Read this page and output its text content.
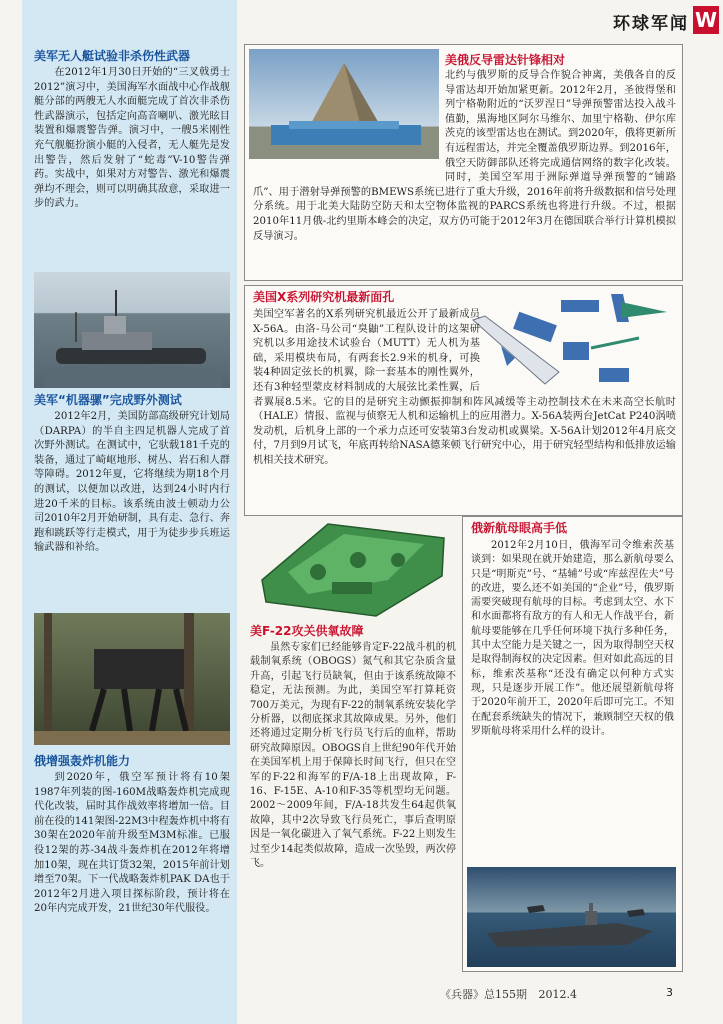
环球军闻 W
美军无人艇试验非杀伤性武器

在2012年1月30日开始的“三叉戟勇士2012”演习中，美国海军水面战中心作战舰艇分部的两艘无人水面艇完成了首次非杀伤性武器演示，包括定向高音喇叭、激光眩目装置和爆震警告弹。演习中，一艘5米刚性充气舰艇扮演小艇的入侵者，无人艇先是发出警告，然后发射了“蛇毒”V-10警告弹药。实战中，如果对方对警告、激光和爆震弹均不理会，则可以明确其敌意，采取进一步的武力。

美军“机器骡”完成野外测试

2012年2月，美国防部高级研究计划局（DARPA）的半自主四足机器人完成了首次野外测试。在测试中，它驮载181千克的装备，通过了崎岖地形、树丛、岩石和人群等障碍。2012年夏，它将继续为期18个月的测试，以便加以改进，达到24小时内行进20千米的目标。该系统由波士顿动力公司2010年2月开始研制，具有走、急行、奔跑和跳跃等行走模式，用于为徒步步兵班运输武器和补给。

俄增强轰炸机能力

到2020年，俄空军预计将有10架1987年列装的图-160M战略轰炸机完成现代化改装，届时其作战效率将增加一倍。目前在役的141架图-22M3中程轰炸机中将有30架在2020年前升级至M3M标准。已服役12架的苏-34战斗轰炸机在2012年将增加10架，现在共订货32架，2015年前计划增至70架。下一代战略轰炸机PAK DA也于2012年2月进入项目探标阶段，预计将在20年内完成开发，21世纪30年代服役。

美俄反导雷达针锋相对

北约与俄罗斯的反导合作貌合神离，美俄各自的反导雷达却开始加紧更新。2012年2月，圣彼得堡和列宁格勒附近的“沃罗涅日”导弹预警雷达投入战斗值勤，黑海地区阿尔马维尔、加里宁格勒、伊尔库茨克的该型雷达也在测试。到2020年，俄将更新所有远程雷达，并完全覆盖俄罗斯边界。到2016年，俄空天防御部队还将完成通信网络的数字化改装。同时，美国空军用于洲际弹道导弹预警的“铺路爪”、用于潜射导弹预警的BMEWS系统已进行了重大升级，2016年前将升级数据和信号处理分系统。用于北美大陆防空防天和太空物体监视的PARCS系统也将进行升级。不过，根据2010年11月俄-北约里斯本峰会的决定，双方仍可能于2012年3月在德国联合举行计算机模拟反导演习。

美国X系列研究机最新面孔

美国空军著名的X系列研究机最近公开了最新成员X-56A。由洛-马公司“臭鼬”工程队设计的这架研究机以多用途技术试验台（MUTT）无人机为基础，采用模块布局，有两套长2.9米的机身，可换装4种固定弦长的机翼，除一套基本的刚性翼外，还有3种轻型蒙皮材料制成的大展弦比柔性翼，后者翼展8.5米。它的目的是研究主动颤振抑制和阵风减缓等主动控制技术在未来高空长航时（HALE）情报、监视与侦察无人机和运输机上的应用潜力。X-56A装两台JetCat P240涡喷发动机，后机身上部的一个承力点还可安装第3台发动机或翼梁。X-56A计划2012年4月底交付，7月到9月试飞，年底再转给NASA德莱顿飞行研究中心，用于研究轻型结构和低排放运输机相关技术研究。

美F-22攻关供氧故障

虽然专家们已经能够肯定F-22战斗机的机载制氧系统（OBOGS）氮气和其它杂质含量升高，引起飞行员缺氧，但由于该系统故障不稳定，无法预测。为此，美国空军打算耗资700万美元，为现有F-22的制氧系统安装化学分析器，以彻底探求其故障成果。另外，他们还将通过定期分析飞行员飞行后的血样，帮助研究故障原因。OBOGS自上世纪90年代开始在美国军机上用于保障长时间飞行，但只在空军的F-22和海军的F/A-18上出现故障，F-16、F-15E、A-10和F-35等机型均无问题。2002～2009年间，F/A-18共发生64起供氧故障，其中2次导致飞行员死亡，事后查明原因是一氧化碳进入了氧气系统。F-22上则发生过至少14起类似故障，造成一次坠毁，两次停飞。

俄新航母眼高手低

2012年2月10日，俄海军司令维索茨基谈到：如果现在就开始建造，那么新航母要么只是“明斯克”号、“基辅”号或“库兹涅佐夫”号的改进，要么还不如美国的“企业”号，俄罗斯需要突破现有航母的目标。考虑到太空、水下和水面都将有敌方的有人和无人作战平台，新航母要能够在几乎任何环境下执行多种任务，其中太空能力是关键之一，因为取得制空天权是取得制海权的决定因素。但对如此高远的目标，维索茨基称“还没有确定以何种方式实现，只是逐步开展工作”。他还展望新航母将于2020年前开工，2020年后即可完工。不知在配套系统缺失的情况下，兼顾制空天权的俄罗斯航母将采用什么样的设计。

《兵器》总155期 2012.4	3
